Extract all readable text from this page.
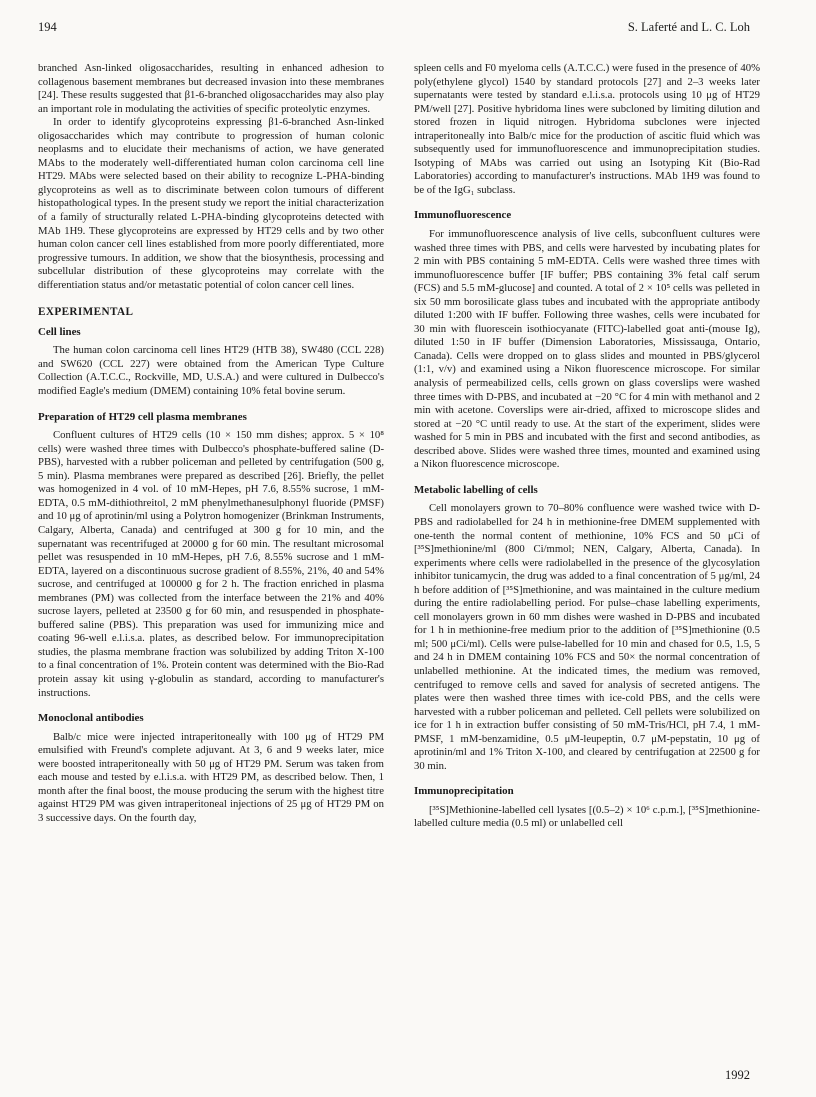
194	S. Laferté and L. C. Loh

branched Asn-linked oligosaccharides, resulting in enhanced adhesion to collagenous basement membranes but decreased invasion into these membranes [24]. These results suggested that β1-6-branched oligosaccharides may also play an important role in modulating the activities of specific proteolytic enzymes.

In order to identify glycoproteins expressing β1-6-branched Asn-linked oligosaccharides which may contribute to progression of human colonic neoplasms and to elucidate their mechanisms of action, we have generated MAbs to the moderately well-differentiated human colon carcinoma cell line HT29. MAbs were selected based on their ability to recognize L-PHA-binding glycoproteins as well as to discriminate between colon tumours of different histopathological types. In the present study we report the initial characterization of a family of structurally related L-PHA-binding glycoproteins detected with MAb 1H9. These glycoproteins are expressed by HT29 cells and by two other human colon cancer cell lines established from more poorly differentiated, more progressive tumours. In addition, we show that the biosynthesis, processing and subcellular distribution of these glycoproteins may correlate with the differentiation status and/or metastatic potential of colon cancer cell lines.

EXPERIMENTAL
Cell lines

The human colon carcinoma cell lines HT29 (HTB 38), SW480 (CCL 228) and SW620 (CCL 227) were obtained from the American Type Culture Collection (A.T.C.C., Rockville, MD, U.S.A.) and were cultured in Dulbecco's modified Eagle's medium (DMEM) containing 10% fetal bovine serum.

Preparation of HT29 cell plasma membranes

Confluent cultures of HT29 cells (10 × 150 mm dishes; approx. 5 × 10⁸ cells) were washed three times with Dulbecco's phosphate-buffered saline (D-PBS), harvested with a rubber policeman and pelleted by centrifugation (500 g, 5 min). Plasma membranes were prepared as described [26]. Briefly, the pellet was homogenized in 4 vol. of 10 mM-Hepes, pH 7.6, 8.55% sucrose, 1 mM-EDTA, 0.5 mM-dithiothreitol, 2 mM phenylmethanesulphonyl fluoride (PMSF) and 10 μg of aprotinin/ml using a Polytron homogenizer (Brinkman Instruments, Calgary, Alberta, Canada) and centrifuged at 300 g for 10 min, and the supernatant was recentrifuged at 20000 g for 60 min. The resultant microsomal pellet was resuspended in 10 mM-Hepes, pH 7.6, 8.55% sucrose and 1 mM-EDTA, layered on a discontinuous sucrose gradient of 8.55%, 21%, 40 and 54% sucrose, and centrifuged at 100000 g for 2 h. The fraction enriched in plasma membranes (PM) was collected from the interface between the 21% and 40% sucrose layers, pelleted at 23500 g for 60 min, and resuspended in phosphate-buffered saline (PBS). This preparation was used for immunizing mice and coating 96-well e.l.i.s.a. plates, as described below. For immunoprecipitation studies, the plasma membrane fraction was solubilized by adding Triton X-100 to a final concentration of 1%. Protein content was determined with the Bio-Rad protein assay kit using γ-globulin as standard, according to manufacturer's instructions.

Monoclonal antibodies

Balb/c mice were injected intraperitoneally with 100 μg of HT29 PM emulsified with Freund's complete adjuvant. At 3, 6 and 9 weeks later, mice were boosted intraperitoneally with 50 μg of HT29 PM. Serum was taken from each mouse and tested by e.l.i.s.a. with HT29 PM, as described below. Then, 1 month after the final boost, the mouse producing the serum with the highest titre against HT29 PM was given intraperitoneal injections of 25 μg of HT29 PM on 3 successive days. On the fourth day,

spleen cells and F0 myeloma cells (A.T.C.C.) were fused in the presence of 40% poly(ethylene glycol) 1540 by standard protocols [27] and 2–3 weeks later supernatants were tested by standard e.l.i.s.a. protocols using 10 μg of HT29 PM/well [27]. Positive hybridoma lines were subcloned by limiting dilution and stored frozen in liquid nitrogen. Hybridoma subclones were injected intraperitoneally into Balb/c mice for the production of ascitic fluid which was subsequently used for immunofluorescence and immunoprecipitation studies. Isotyping of MAbs was carried out using an Isotyping Kit (Bio-Rad Laboratories) according to manufacturer's instructions. MAb 1H9 was found to be of the IgG₁ subclass.

Immunofluorescence

For immunofluorescence analysis of live cells, subconfluent cultures were washed three times with PBS, and cells were harvested by incubating plates for 2 min with PBS containing 5 mM-EDTA. Cells were washed three times with immunofluorescence buffer [IF buffer; PBS containing 3% fetal calf serum (FCS) and 5.5 mM-glucose] and counted. A total of 2 × 10⁵ cells was pelleted in six 50 mm borosilicate glass tubes and incubated with the appropriate antibody diluted 1:200 with IF buffer. Following three washes, cells were incubated for 30 min with fluorescein isothiocyanate (FITC)-labelled goat anti-(mouse Ig), diluted 1:50 in IF buffer (Dimension Laboratories, Mississauga, Ontario, Canada). Cells were dropped on to glass slides and mounted in PBS/glycerol (1:1, v/v) and examined using a Nikon fluorescence microscope. For similar analysis of permeabilized cells, cells grown on glass coverslips were washed three times with D-PBS, and incubated at −20 °C for 4 min with methanol and 2 min with acetone. Coverslips were air-dried, affixed to microscope slides and stored at −20 °C until ready to use. At the start of the experiment, slides were washed for 5 min in PBS and incubated with the first and second antibodies, as described above. Slides were washed three times, mounted and examined using a Nikon fluorescence microscope.

Metabolic labelling of cells

Cell monolayers grown to 70–80% confluence were washed twice with D-PBS and radiolabelled for 24 h in methionine-free DMEM supplemented with one-tenth the normal content of methionine, 10% FCS and 50 μCi of [³⁵S]methionine/ml (800 Ci/mmol; NEN, Calgary, Alberta, Canada). In experiments where cells were radiolabelled in the presence of the glycosylation inhibitor tunicamycin, the drug was added to a final concentration of 5 μg/ml, 24 h before addition of [³⁵S]methionine, and was maintained in the culture medium during the entire radiolabelling period. For pulse–chase labelling experiments, cell monolayers grown in 60 mm dishes were washed in D-PBS and incubated for 1 h in methionine-free medium prior to the addition of [³⁵S]methionine (0.5 ml; 500 μCi/ml). Cells were pulse-labelled for 10 min and chased for 0.5, 1.5, 5 and 24 h in DMEM containing 10% FCS and 50× the normal concentration of unlabelled methionine. At the indicated times, the medium was removed, centrifuged to remove cells and saved for analysis of secreted antigens. The plates were then washed three times with ice-cold PBS, and the cells were harvested with a rubber policeman and pelleted. Cell pellets were solubilized on ice for 1 h in extraction buffer consisting of 50 mM-Tris/HCl, pH 7.4, 1 mM-PMSF, 1 mM-benzamidine, 0.5 μM-leupeptin, 0.7 μM-pepstatin, 10 μg of aprotinin/ml and 1% Triton X-100, and cleared by centrifugation at 22500 g for 30 min.

Immunoprecipitation

[³⁵S]Methionine-labelled cell lysates [(0.5–2) × 10⁶ c.p.m.], [³⁵S]methionine-labelled culture media (0.5 ml) or unlabelled cell

1992
